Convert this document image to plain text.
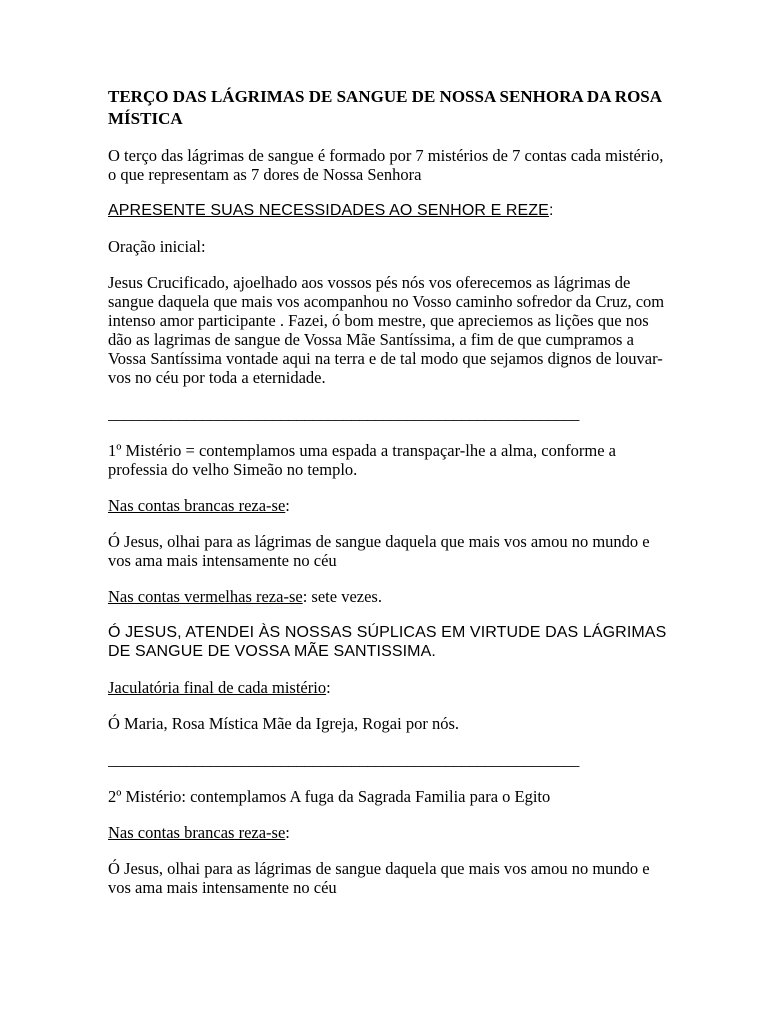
TERÇO DAS LÁGRIMAS DE SANGUE DE NOSSA SENHORA DA ROSA MÍSTICA

O terço das lágrimas de sangue é formado por 7 mistérios de 7 contas cada mistério, o que representam as 7 dores de Nossa Senhora

APRESENTE SUAS NECESSIDADES AO SENHOR E REZE:

Oração inicial:

Jesus Crucificado, ajoelhado aos vossos pés nós vos oferecemos as lágrimas de sangue daquela que mais vos acompanhou no Vosso caminho sofredor da Cruz, com intenso amor participante . Fazei, ó bom mestre, que apreciemos as lições que nos dão as lagrimas de sangue de Vossa Mãe Santíssima, a fim de que cumpramos a Vossa Santíssima vontade aqui na terra e de tal modo que sejamos dignos de louvar-vos no céu por toda a eternidade.

____________________________________________________________

1º Mistério = contemplamos uma espada a transpaçar-lhe a alma, conforme a professia do velho Simeão no templo.

Nas contas brancas reza-se:

Ó Jesus, olhai para as lágrimas de sangue daquela que mais vos amou no mundo e vos ama mais intensamente no céu

Nas contas vermelhas reza-se: sete vezes.

Ó JESUS, ATENDEI ÀS NOSSAS SÚPLICAS EM VIRTUDE DAS LÁGRIMAS DE SANGUE DE VOSSA MÃE SANTISSIMA.

Jaculatória final de cada mistério:

Ó Maria, Rosa Mística Mãe da Igreja, Rogai por nós.

____________________________________________________________

2º Mistério: contemplamos A fuga da Sagrada Familia para o Egito

Nas contas brancas reza-se:

Ó Jesus, olhai para as lágrimas de sangue daquela que mais vos amou no mundo e vos ama mais intensamente no céu
